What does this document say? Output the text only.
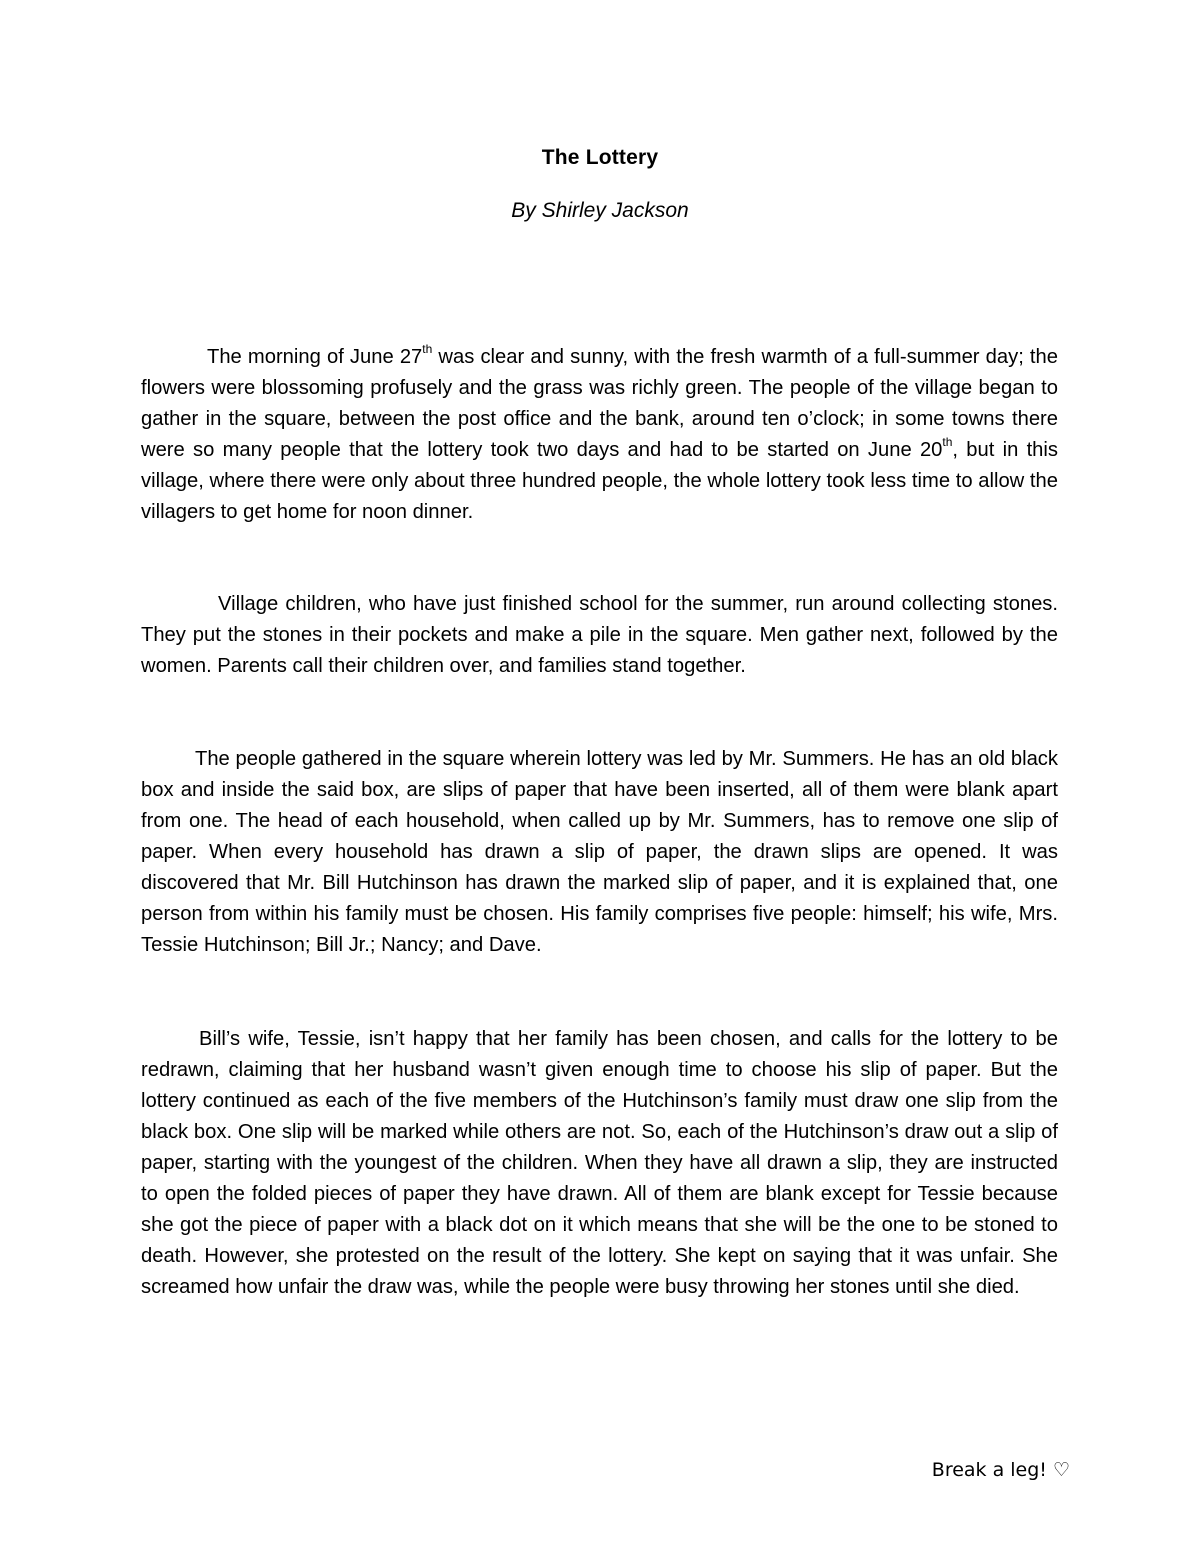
The Lottery
By Shirley Jackson

The morning of June 27th was clear and sunny, with the fresh warmth of a full-summer day; the flowers were blossoming profusely and the grass was richly green. The people of the village began to gather in the square, between the post office and the bank, around ten o’clock; in some towns there were so many people that the lottery took two days and had to be started on June 20th, but in this village, where there were only about three hundred people, the whole lottery took less time to allow the villagers to get home for noon dinner.

Village children, who have just finished school for the summer, run around collecting stones. They put the stones in their pockets and make a pile in the square. Men gather next, followed by the women. Parents call their children over, and families stand together.

The people gathered in the square wherein lottery was led by Mr. Summers. He has an old black box and inside the said box, are slips of paper that have been inserted, all of them were blank apart from one. The head of each household, when called up by Mr. Summers, has to remove one slip of paper. When every household has drawn a slip of paper, the drawn slips are opened. It was discovered that Mr. Bill Hutchinson has drawn the marked slip of paper, and it is explained that, one person from within his family must be chosen. His family comprises five people: himself; his wife, Mrs. Tessie Hutchinson; Bill Jr.; Nancy; and Dave.

Bill’s wife, Tessie, isn’t happy that her family has been chosen, and calls for the lottery to be redrawn, claiming that her husband wasn’t given enough time to choose his slip of paper. But the lottery continued as each of the five members of the Hutchinson’s family must draw one slip from the black box. One slip will be marked while others are not. So, each of the Hutchinson’s draw out a slip of paper, starting with the youngest of the children. When they have all drawn a slip, they are instructed to open the folded pieces of paper they have drawn. All of them are blank except for Tessie because she got the piece of paper with a black dot on it which means that she will be the one to be stoned to death. However, she protested on the result of the lottery. She kept on saying that it was unfair. She screamed how unfair the draw was, while the people were busy throwing her stones until she died.

Break a leg! ♡
